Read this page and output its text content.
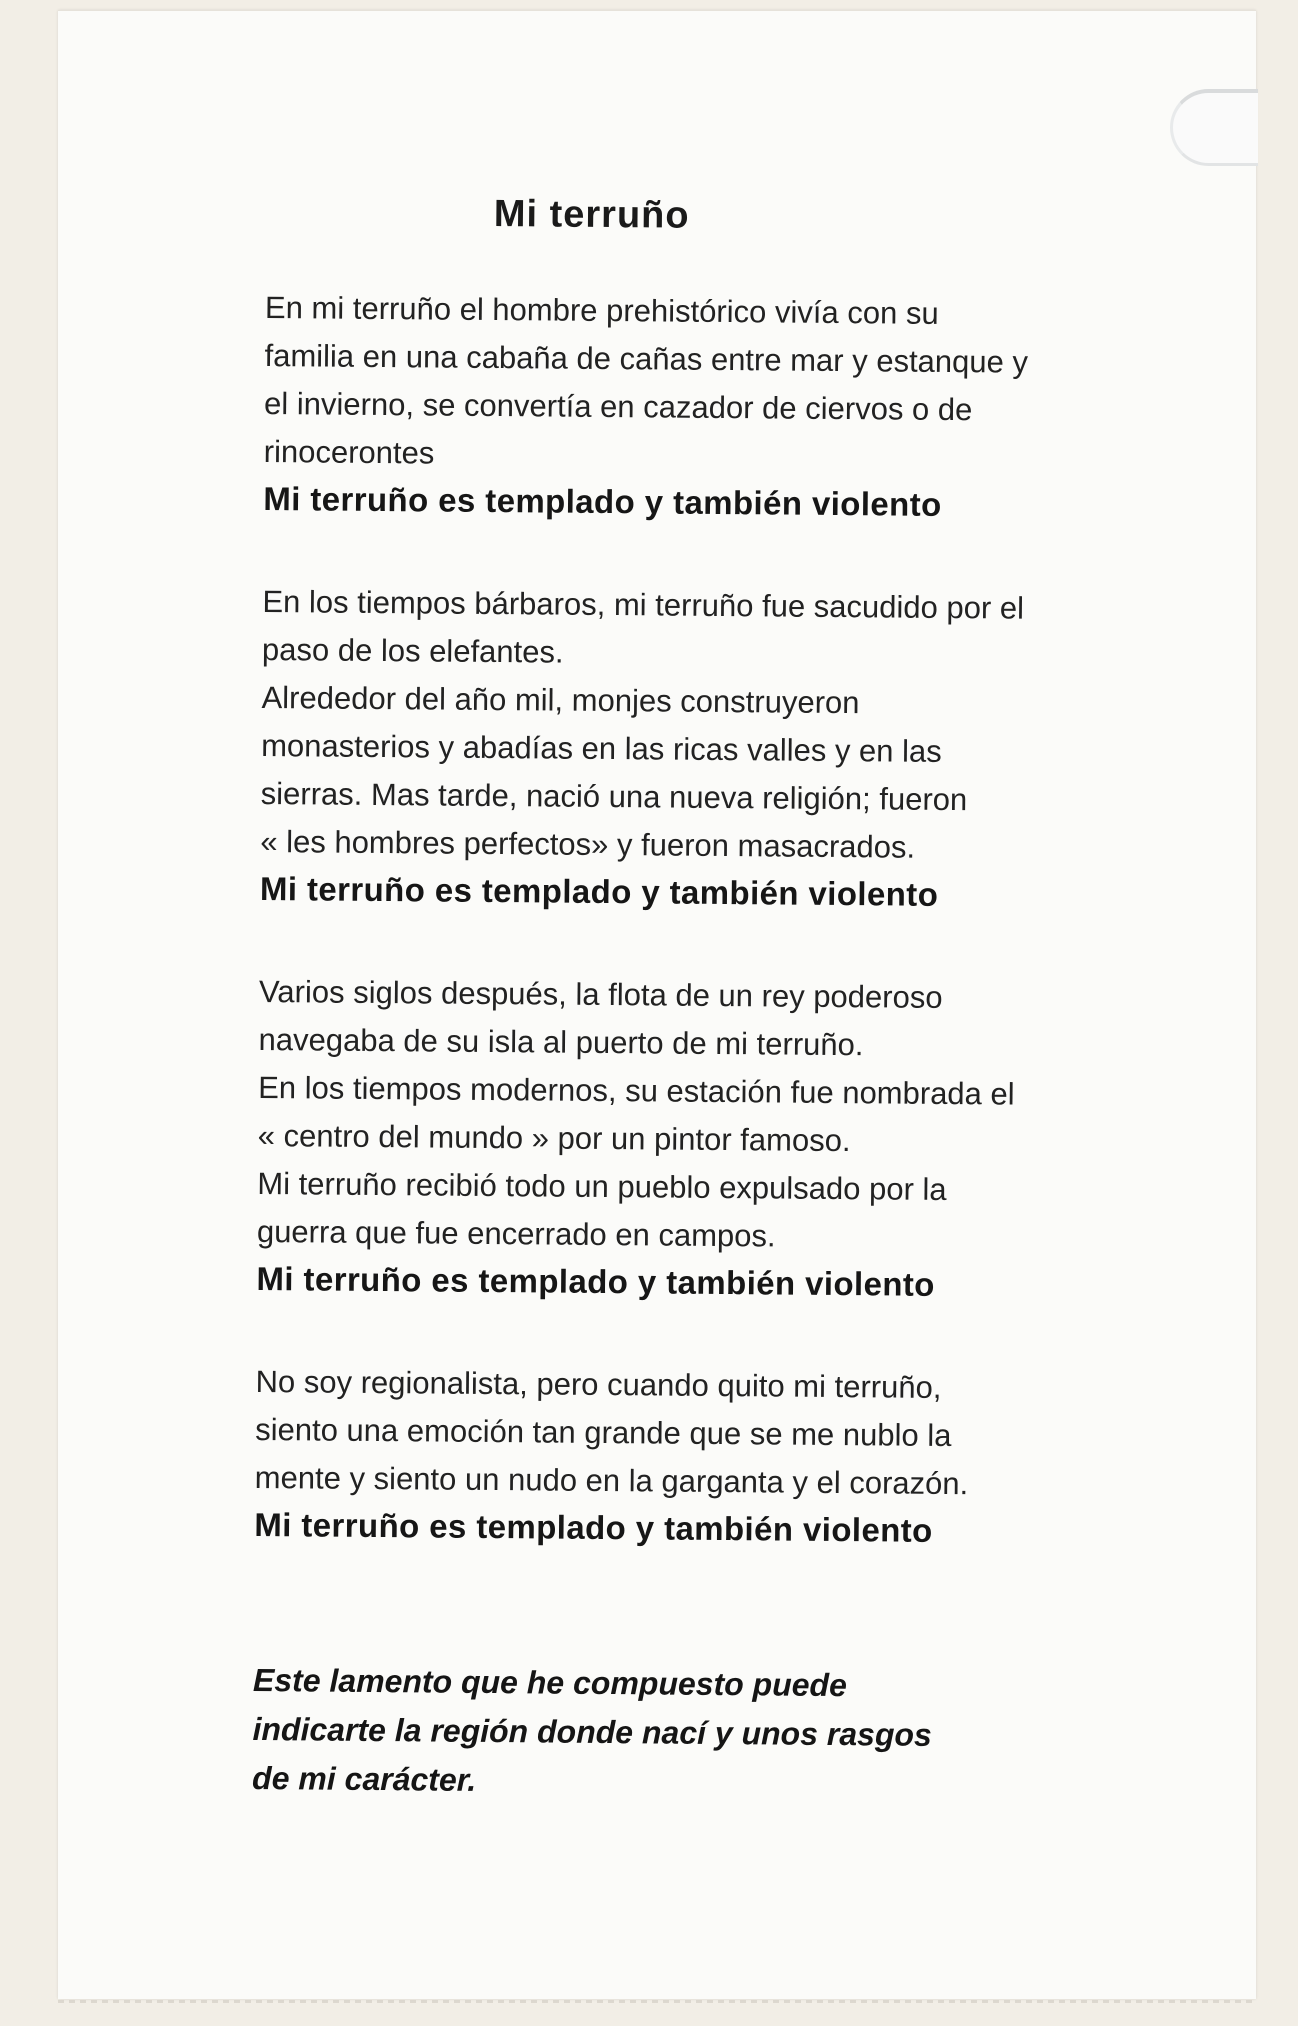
Mi terruño
En mi terruño el hombre prehistórico vivía con su
familia en una cabaña de cañas entre mar y estanque y
el invierno, se convertía en cazador de ciervos o de
rinocerontes
Mi terruño es templado y también violento
En los tiempos bárbaros, mi terruño fue sacudido por el
paso de los elefantes.
Alrededor del año mil, monjes construyeron
monasterios y abadías en las ricas valles y en las
sierras. Mas tarde, nació una nueva religión; fueron
« les hombres perfectos» y fueron masacrados.
Mi terruño es templado y también violento
Varios siglos después, la flota de un rey poderoso
navegaba de su isla al puerto de mi terruño.
En los tiempos modernos, su estación fue nombrada el
« centro del mundo » por un pintor famoso.
Mi terruño recibió todo un pueblo expulsado por la
guerra que fue encerrado en campos.
Mi terruño es templado y también violento
No soy regionalista, pero cuando quito mi terruño,
siento una emoción tan grande que se me nublo la
mente y siento un nudo en la garganta y el corazón.
Mi terruño es templado y también violento
Este lamento que he compuesto puede
indicarte la región donde nací y unos rasgos
de mi carácter.
